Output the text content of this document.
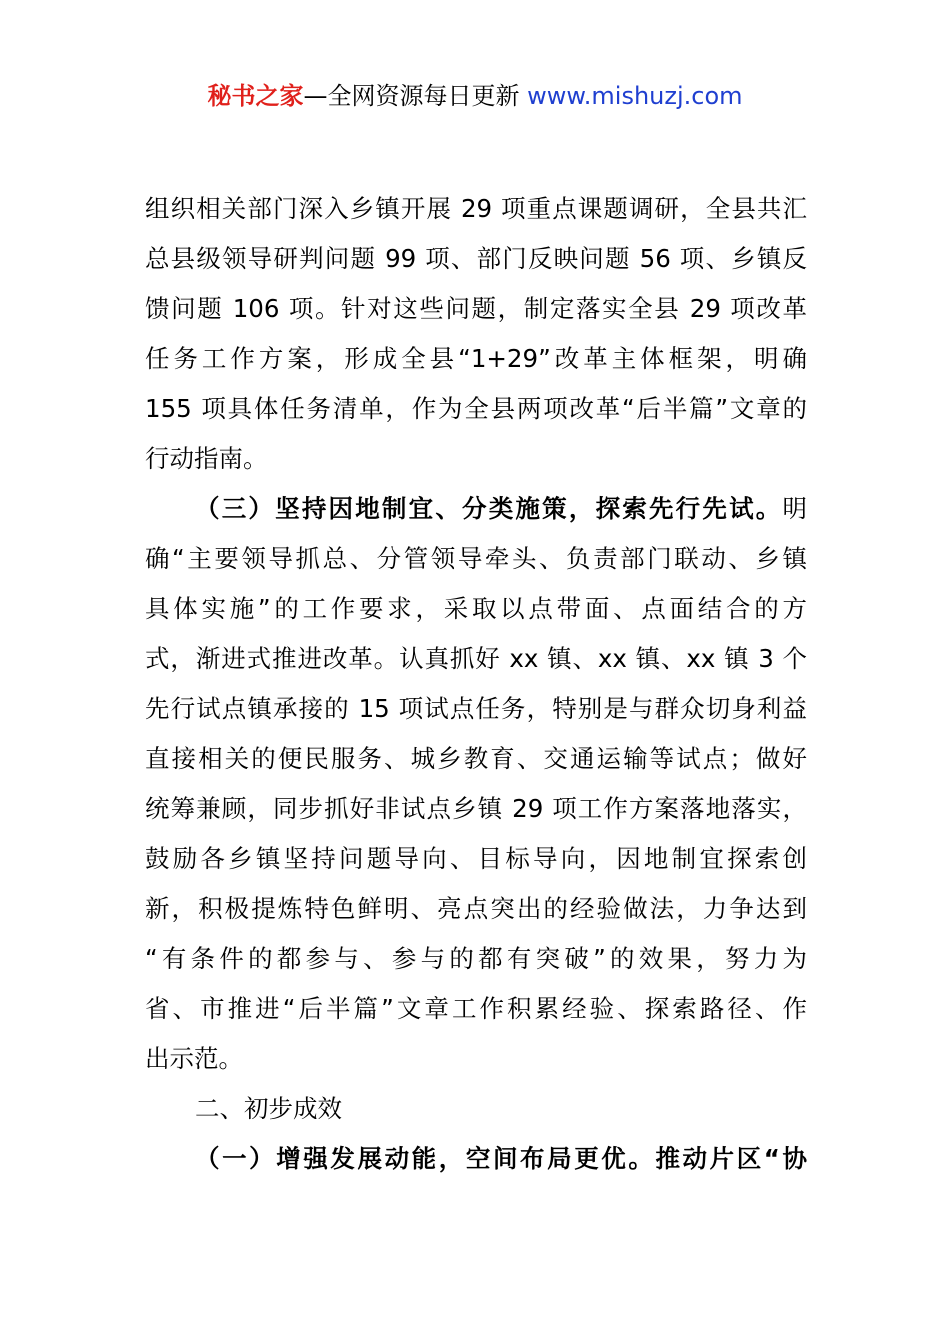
秘书之家—全网资源每日更新 www.mishuzj.com
组织相关部门深入乡镇开展 29 项重点课题调研，全县共汇
总县级领导研判问题 99 项、部门反映问题 56 项、乡镇反
馈问题 106 项。针对这些问题，制定落实全县 29 项改革
任务工作方案，形成全县“1+29”改革主体框架，明确
155 项具体任务清单，作为全县两项改革“后半篇”文章的
行动指南。
（三）坚持因地制宜、分类施策，探索先行先试。明
确“主要领导抓总、分管领导牵头、负责部门联动、乡镇
具体实施”的工作要求，采取以点带面、点面结合的方
式，渐进式推进改革。认真抓好 xx 镇、xx 镇、xx 镇 3 个
先行试点镇承接的 15 项试点任务，特别是与群众切身利益
直接相关的便民服务、城乡教育、交通运输等试点；做好
统筹兼顾，同步抓好非试点乡镇 29 项工作方案落地落实，
鼓励各乡镇坚持问题导向、目标导向，因地制宜探索创
新，积极提炼特色鲜明、亮点突出的经验做法，力争达到
“有条件的都参与、参与的都有突破”的效果，努力为
省、市推进“后半篇”文章工作积累经验、探索路径、作
出示范。
二、初步成效
（一）增强发展动能，空间布局更优。推动片区“协
